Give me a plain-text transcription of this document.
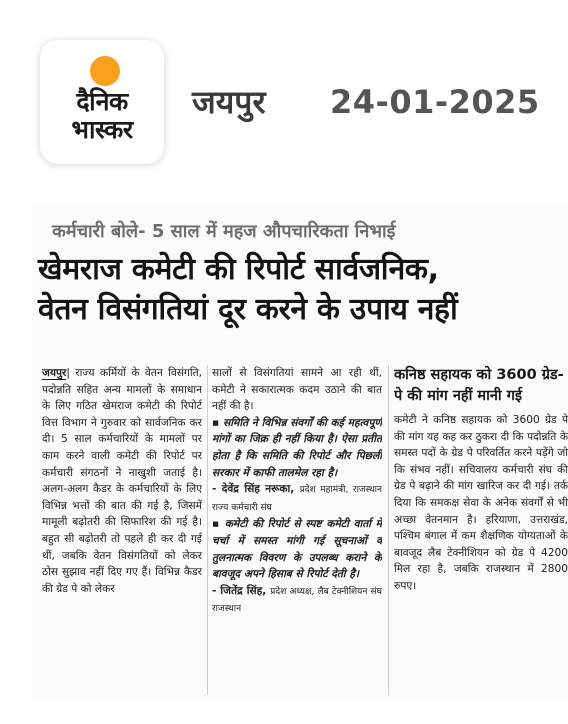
दैनिक
भास्कर
जयपुर 24-01-2025
कर्मचारी बोले- 5 साल में महज औपचारिकता निभाई
खेमराज कमेटी की रिपोर्ट सार्वजनिक,
वेतन विसंगतियां दूर करने के उपाय नहीं

जयपुर| राज्य कर्मियों के वेतन विसंगति, पदोन्नति सहित अन्य मामलों के समाधान के लिए गठित खेमराज कमेटी की रिपोर्ट वित्त विभाग ने गुरुवार को सार्वजनिक कर दी। 5 साल कर्मचारियों के मामलों पर काम करने वाली कमेटी की रिपोर्ट पर कर्मचारी संगठनों ने नाखुशी जताई है। अलग-अलग कैडर के कर्मचारियों के लिए विभिन्न भत्तों की बात की गई है, जिसमें मामूली बढ़ोतरी की सिफारिश की गई है। बहुत सी बढ़ोतरी तो पहले ही कर दी गई थीं, जबकि वेतन विसंगतियों को लेकर ठोस सुझाव नहीं दिए गए हैं। विभिन्न कैडर की ग्रेड पे को लेकर

सालों से विसंगतियां सामने आ रही थीं, कमेटी ने सकारात्मक कदम उठाने की बात नहीं की है।

▪ समिति ने विभिन्न संवर्गों की कई महत्वपूर्ण मांगों का जिक्र ही नहीं किया है। ऐसा प्रतीत होता है कि समिति की रिपोर्ट और पिछली सरकार में काफी तालमेल रहा है।

- देवेंद्र सिंह नरूका, प्रदेश महामंत्री, राजस्थान राज्य कर्मचारी संघ

▪ कमेटी की रिपोर्ट से स्पष्ट कमेटी वार्ता में चर्चा में समस्त मांगी गई सूचनाओं व तुलनात्मक विवरण के उपलब्ध कराने के बावजूद अपने हिसाब से रिपोर्ट देती है।

- जितेंद्र सिंह, प्रदेश अध्यक्ष, लैब टेक्नीशियन संघ राजस्थान

कनिष्ठ सहायक को 3600 ग्रेड-पे की मांग नहीं मानी गई

कमेटी ने कनिष्ठ सहायक को 3600 ग्रेड पे की मांग यह कह कर ठुकरा दी कि पदोन्नति के समस्त पदों के ग्रेड पे परिवर्तित करने पड़ेंगे जो कि संभव नहीं। सचिवालय कर्मचारी संघ की ग्रेड पे बढ़ाने की मांग खारिज कर दी गई। तर्क दिया कि समकक्ष सेवा के अनेक संवर्गों से भी अच्छा वेतनमान है। हरियाणा, उत्तराखंड, पश्चिम बंगाल में कम शैक्षणिक योग्यताओं के बावजूद लैब टेक्नीशियन को ग्रेड पे 4200 मिल रहा है, जबकि राजस्थान में 2800 रुपए।
